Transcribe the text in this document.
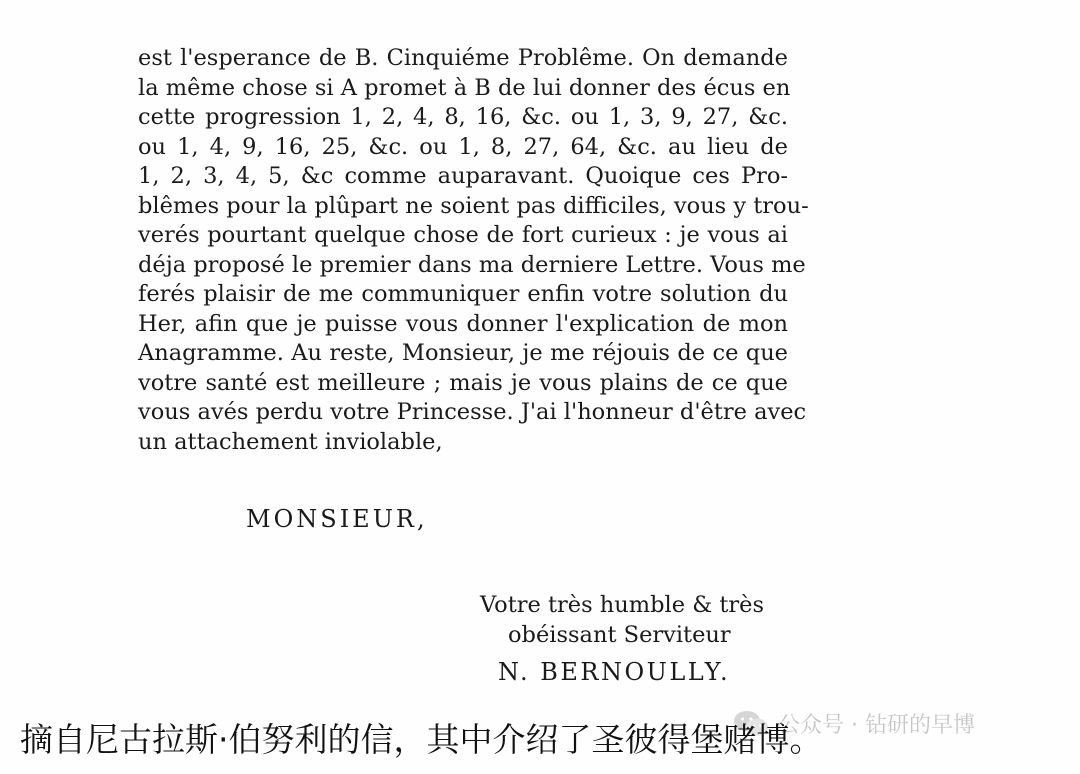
est l'esperance de B. Cinquiéme Problême. On demande
la même chose si A promet à B de lui donner des écus en
cette progression 1, 2, 4, 8, 16, &c. ou 1, 3, 9, 27, &c.
ou 1, 4, 9, 16, 25, &c. ou 1, 8, 27, 64, &c. au lieu de
1, 2, 3, 4, 5, &c comme auparavant. Quoique ces Pro-
blêmes pour la plûpart ne soient pas difficiles, vous y trou-
verés pourtant quelque chose de fort curieux : je vous ai
déja proposé le premier dans ma derniere Lettre. Vous me
ferés plaisir de me communiquer enfin votre solution du
Her, afin que je puisse vous donner l'explication de mon
Anagramme. Au reste, Monsieur, je me réjouis de ce que
votre santé est meilleure ; mais je vous plains de ce que
vous avés perdu votre Princesse. J'ai l'honneur d'être avec
un attachement inviolable,

MONSIEUR,

Votre très humble & très
obéissant Serviteur

N. BERNOULLY.

公众号 · 钻研的早博

摘自尼古拉斯·伯努利的信，其中介绍了圣彼得堡赌博。
